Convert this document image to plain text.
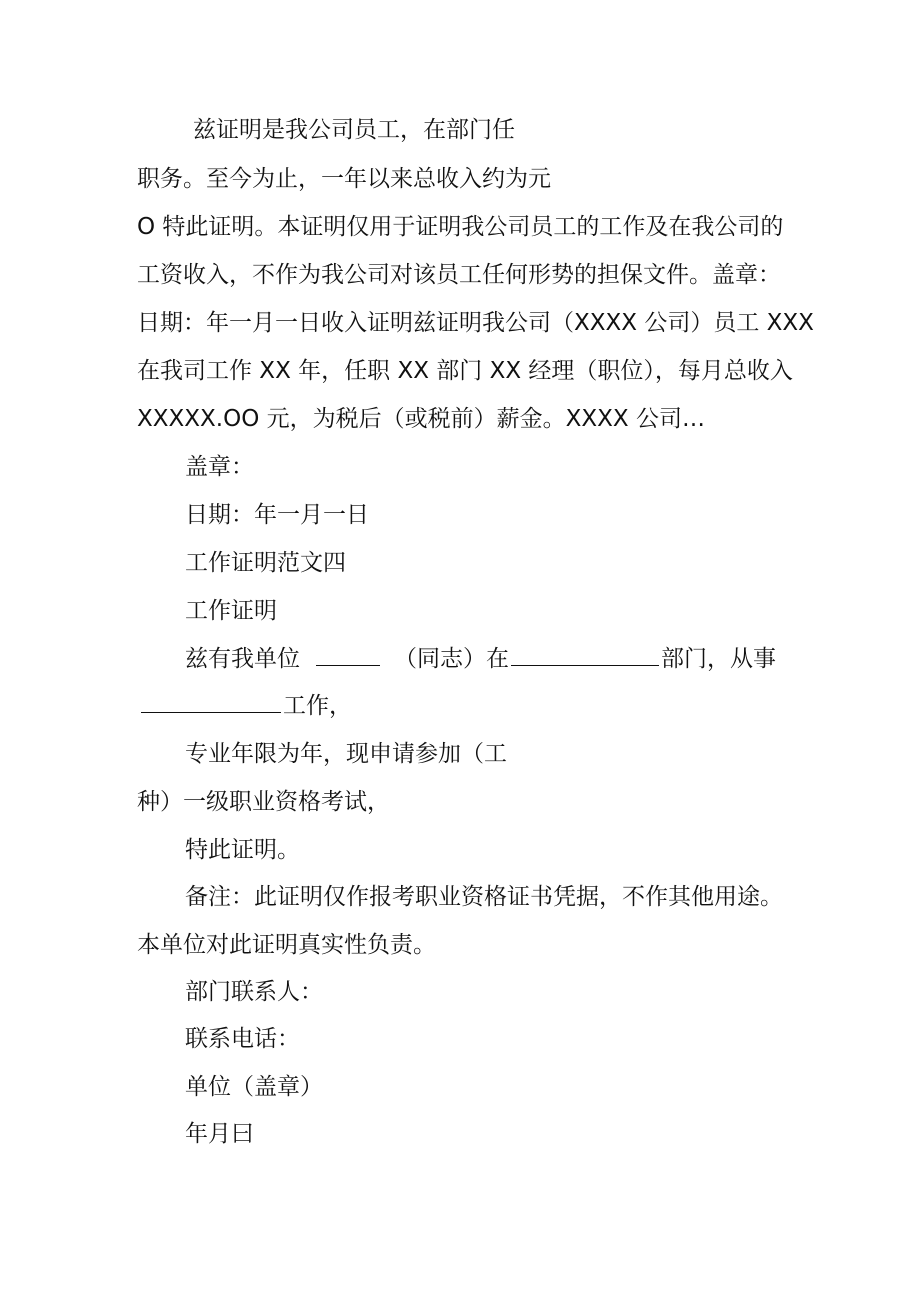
兹证明是我公司员工，在部门任
职务。至今为止，一年以来总收入约为元
O 特此证明。本证明仅用于证明我公司员工的工作及在我公司的
工资收入，不作为我公司对该员工任何形势的担保文件。盖章：
日期：年一月一日收入证明兹证明我公司（XXXX 公司）员工 XXX
在我司工作 XX 年，任职 XX 部门 XX 经理（职位），每月总收入
XXXXX.OO 元，为税后（或税前）薪金。XXXX 公司…
盖章：
日期：年一月一日
工作证明范文四
工作证明
兹有我单位	（同志）在	部门，从事
工作，
专业年限为年，现申请参加（工
种）一级职业资格考试，
特此证明。
备注：此证明仅作报考职业资格证书凭据，不作其他用途。
本单位对此证明真实性负责。
部门联系人：
联系电话：
单位（盖章）
年月曰
